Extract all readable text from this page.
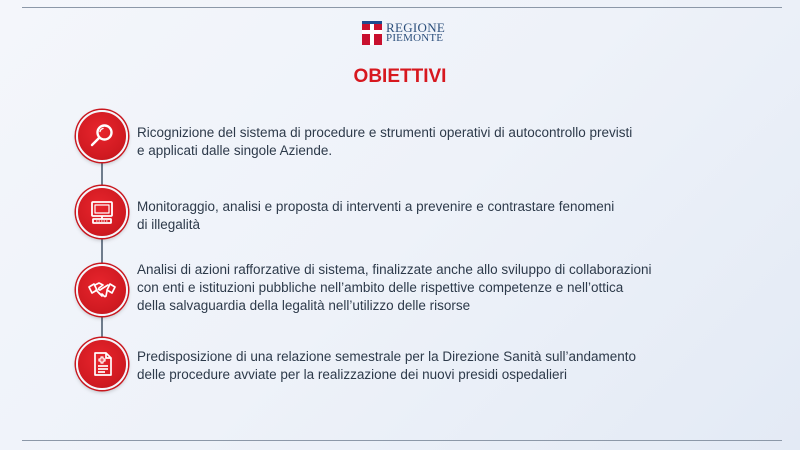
REGIONE
PIEMONTE
OBIETTIVI
Ricognizione del sistema di procedure e strumenti operativi di autocontrollo previsti
e applicati dalle singole Aziende.
Monitoraggio, analisi e proposta di interventi a prevenire e contrastare fenomeni
di illegalità
Analisi di azioni rafforzative di sistema, finalizzate anche allo sviluppo di collaborazioni
con enti e istituzioni pubbliche nell’ambito delle rispettive competenze e nell’ottica
della salvaguardia della legalità nell’utilizzo delle risorse
Predisposizione di una relazione semestrale per la Direzione Sanità sull’andamento
delle procedure avviate per la realizzazione dei nuovi presidi ospedalieri
